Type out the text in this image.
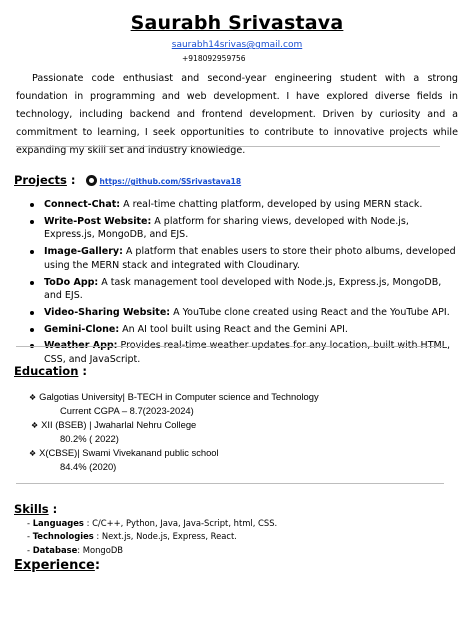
Saurabh Srivastava
saurabh14srivas@gmail.com
+918092959756
Passionate code enthusiast and second-year engineering student with a strong foundation in programming and web development. I have explored diverse fields in technology, including backend and frontend development. Driven by curiosity and a commitment to learning, I seek opportunities to contribute to innovative projects while expanding my skill set and industry knowledge.
Projects :	https://github.com/SSrivastava18
Connect-Chat: A real-time chatting platform, developed by using MERN stack.
Write-Post Website: A platform for sharing views, developed with Node.js, Express.js, MongoDB, and EJS.
Image-Gallery: A platform that enables users to store their photo albums, developed using the MERN stack and integrated with Cloudinary.
ToDo App: A task management tool developed with Node.js, Express.js, MongoDB, and EJS.
Video-Sharing Website: A YouTube clone created using React and the YouTube API.
Gemini-Clone: An AI tool built using React and the Gemini API.
Weather App: Provides real-time weather updates for any location, built with HTML, CSS, and JavaScript.
Education :
❖ Galgotias University| B-TECH in Computer science and Technology
Current CGPA – 8.7(2023-2024)
❖ XII (BSEB) | Jwaharlal Nehru College
80.2% ( 2022)
❖ X(CBSE)| Swami Vivekanand public school
84.4% (2020)
Skills :
- Languages : C/C++, Python, Java, Java-Script, html, CSS.
- Technologies : Next.js, Node.js, Express, React.
- Database: MongoDB
Experience:
